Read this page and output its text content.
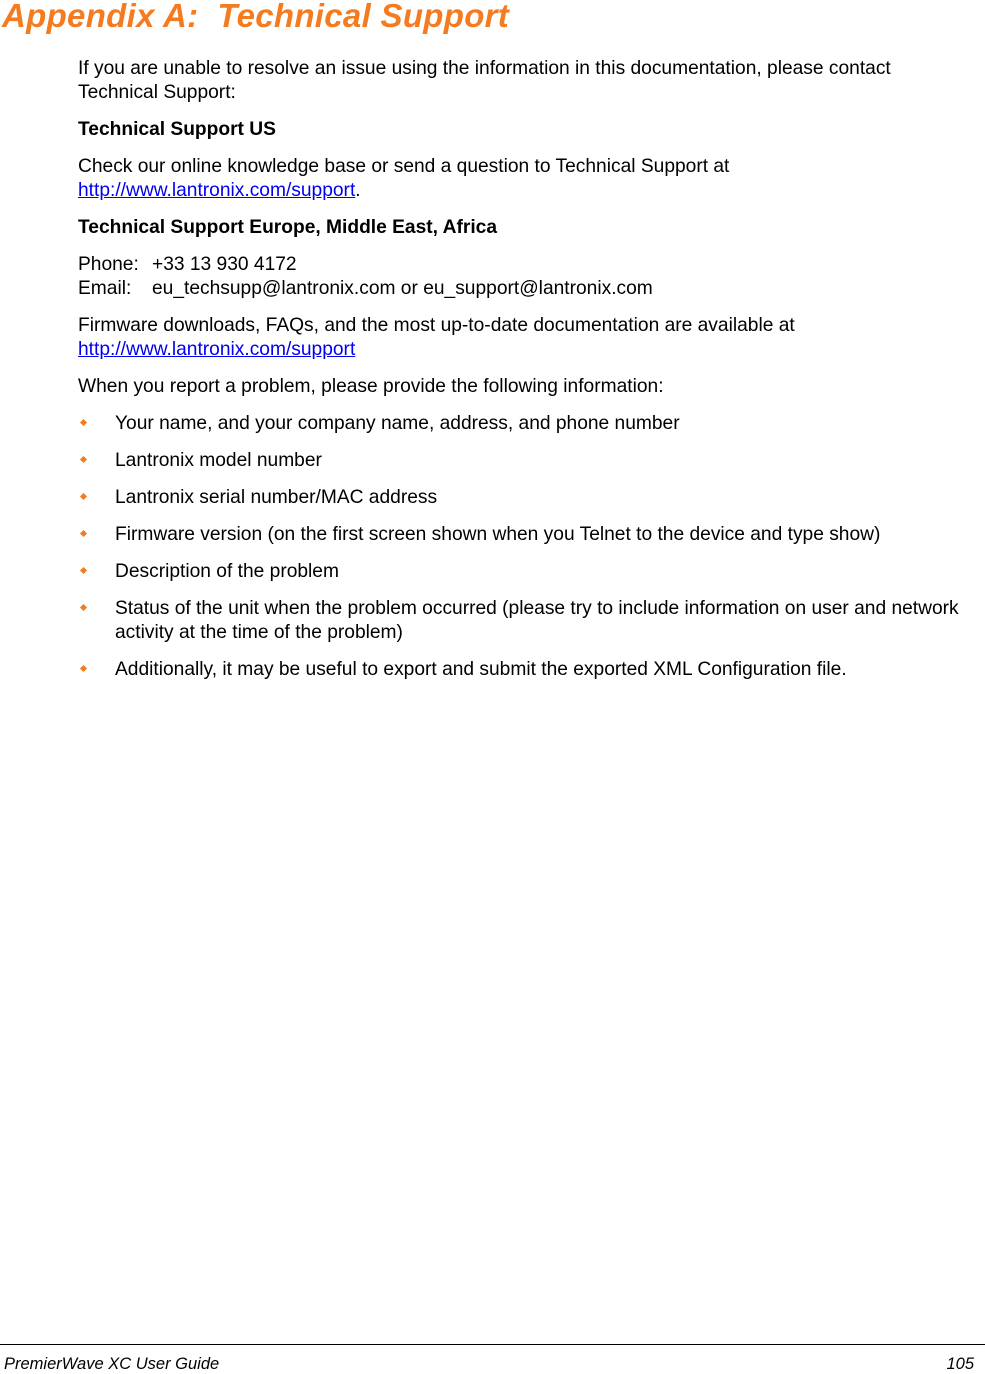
Appendix A:  Technical Support

If you are unable to resolve an issue using the information in this documentation, please contact Technical Support:

Technical Support US

Check our online knowledge base or send a question to Technical Support at
http://www.lantronix.com/support.

Technical Support Europe, Middle East, Africa

Phone: +33 13 930 4172
Email:	eu_techsupp@lantronix.com or eu_support@lantronix.com

Firmware downloads, FAQs, and the most up-to-date documentation are available at
http://www.lantronix.com/support

When you report a problem, please provide the following information:

Your name, and your company name, address, and phone number
Lantronix model number
Lantronix serial number/MAC address
Firmware version (on the first screen shown when you Telnet to the device and type show)
Description of the problem
Status of the unit when the problem occurred (please try to include information on user and network activity at the time of the problem)
Additionally, it may be useful to export and submit the exported XML Configuration file.
PremierWave XC User Guide	105
